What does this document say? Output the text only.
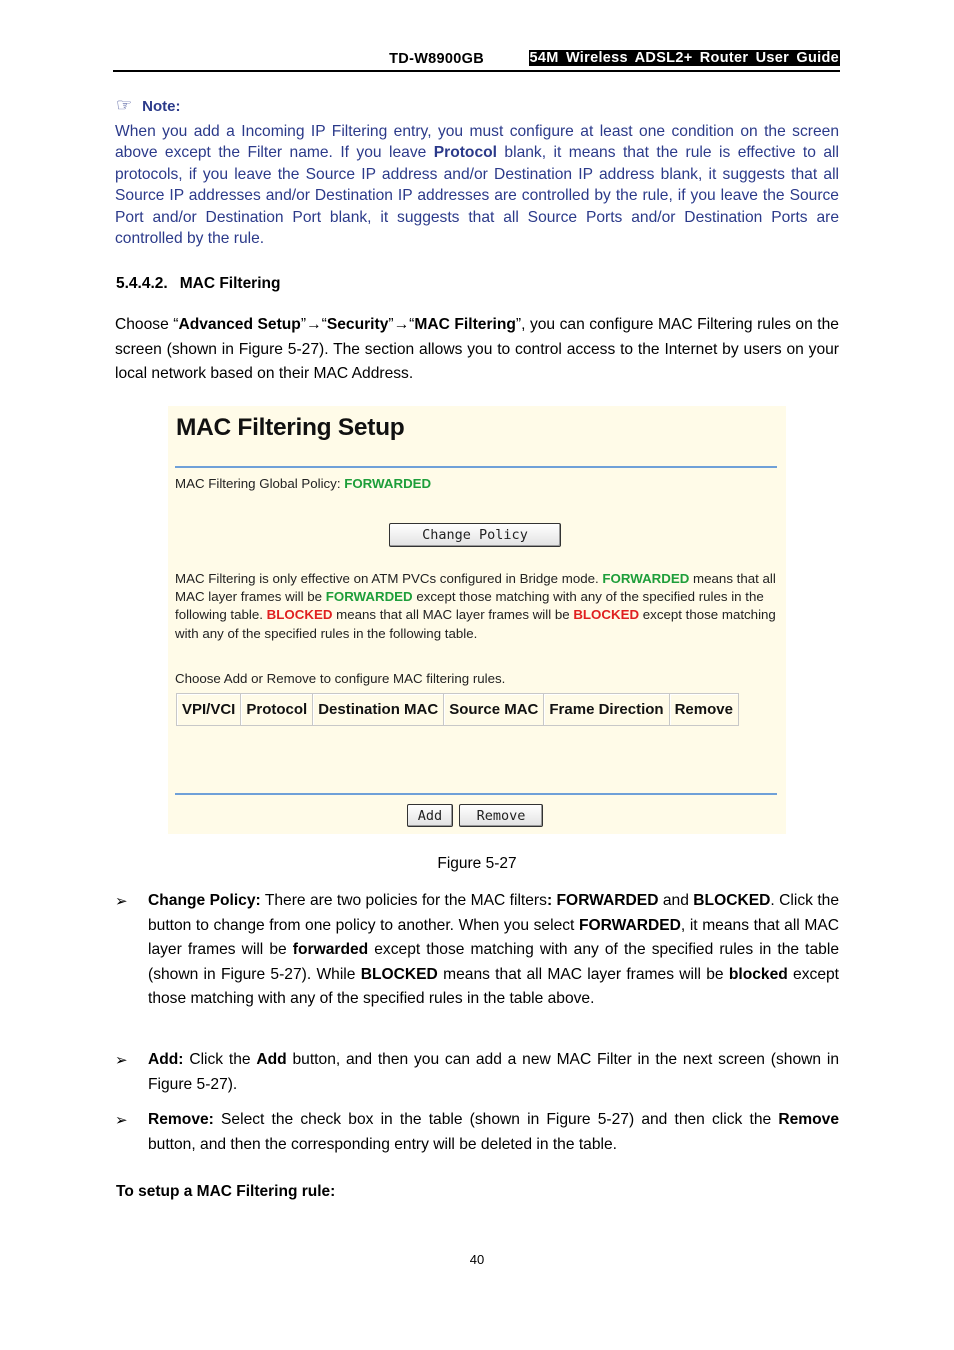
TD-W8900GB	54M Wireless ADSL2+ Router User Guide
☞ Note:

When you add a Incoming IP Filtering entry, you must configure at least one condition on the screen above except the Filter name. If you leave Protocol blank, it means that the rule is effective to all protocols, if you leave the Source IP address and/or Destination IP address blank, it suggests that all Source IP addresses and/or Destination IP addresses are controlled by the rule, if you leave the Source Port and/or Destination Port blank, it suggests that all Source Ports and/or Destination Ports are controlled by the rule.

5.4.4.2. MAC Filtering

Choose “Advanced Setup”→“Security”→“MAC Filtering”, you can configure MAC Filtering rules on the screen (shown in Figure 5-27). The section allows you to control access to the Internet by users on your local network based on their MAC Address.

MAC Filtering Setup
MAC Filtering Global Policy: FORWARDED
Change Policy
MAC Filtering is only effective on ATM PVCs configured in Bridge mode. FORWARDED means that all MAC layer frames will be FORWARDED except those matching with any of the specified rules in the following table. BLOCKED means that all MAC layer frames will be BLOCKED except those matching with any of the specified rules in the following table.
Choose Add or Remove to configure MAC filtering rules.
VPI/VCI	Protocol	Destination MAC	Source MAC	Frame Direction	Remove
Add	Remove
Figure 5-27
➢ Change Policy: There are two policies for the MAC filters: FORWARDED and BLOCKED. Click the button to change from one policy to another. When you select FORWARDED, it means that all MAC layer frames will be forwarded except those matching with any of the specified rules in the table (shown in Figure 5-27). While BLOCKED means that all MAC layer frames will be blocked except those matching with any of the specified rules in the table above.

➢ Add: Click the Add button, and then you can add a new MAC Filter in the next screen (shown in Figure 5-27).

➢ Remove: Select the check box in the table (shown in Figure 5-27) and then click the Remove button, and then the corresponding entry will be deleted in the table.

To setup a MAC Filtering rule:
40
